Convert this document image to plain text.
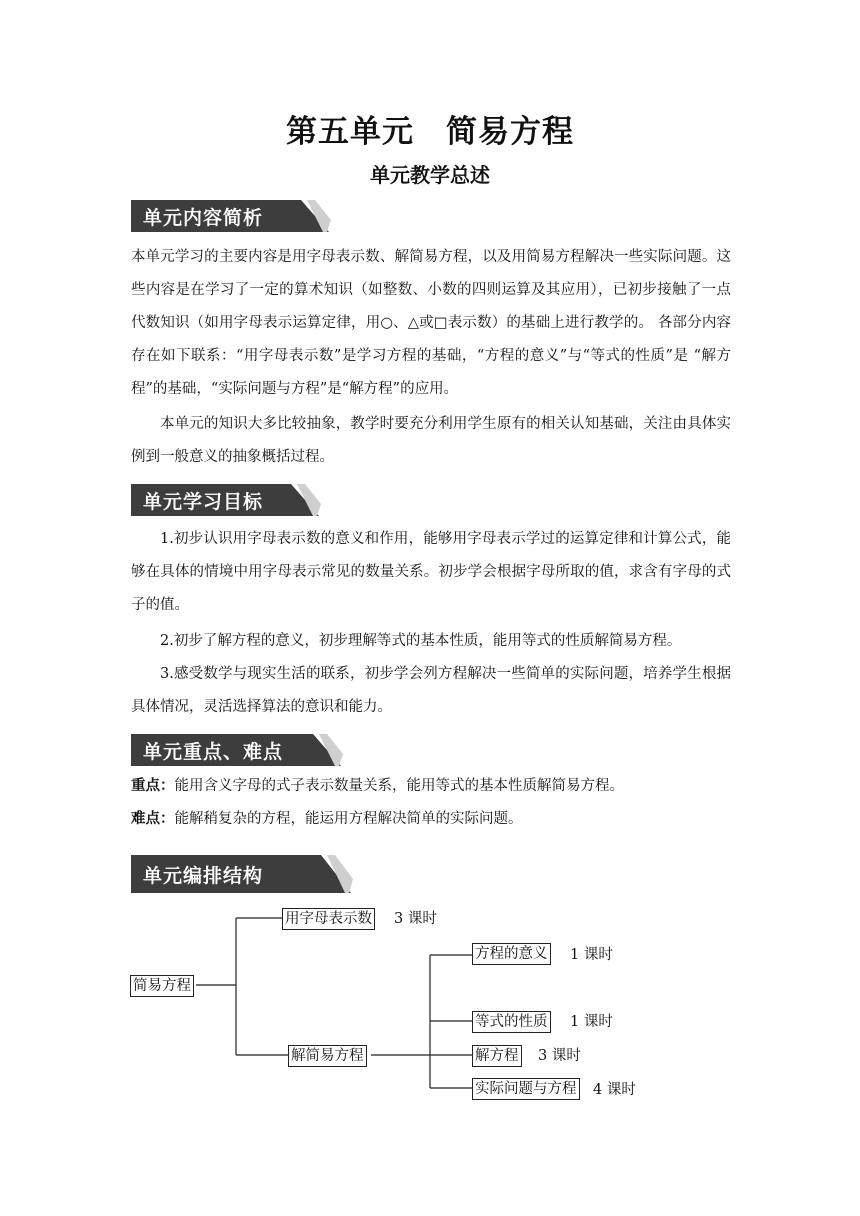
第五单元　简易方程
单元教学总述
单元内容简析

本单元学习的主要内容是用字母表示数、解简易方程，以及用简易方程解决一些实际问题。这些内容是在学习了一定的算术知识（如整数、小数的四则运算及其应用），已初步接触了一点代数知识（如用字母表示运算定律，用○、△或□表示数）的基础上进行教学的。 各部分内容存在如下联系：“用字母表示数”是学习方程的基础，“方程的意义”与“等式的性质”是 “解方程”的基础，“实际问题与方程”是“解方程”的应用。

本单元的知识大多比较抽象，教学时要充分利用学生原有的相关认知基础，关注由具体实例到一般意义的抽象概括过程。

单元学习目标

1.初步认识用字母表示数的意义和作用，能够用字母表示学过的运算定律和计算公式，能够在具体的情境中用字母表示常见的数量关系。初步学会根据字母所取的值，求含有字母的式子的值。

2.初步了解方程的意义，初步理解等式的基本性质，能用等式的性质解简易方程。

3.感受数学与现实生活的联系，初步学会列方程解决一些简单的实际问题，培养学生根据具体情况，灵活选择算法的意识和能力。

单元重点、难点

重点：能用含义字母的式子表示数量关系，能用等式的基本性质解简易方程。

难点：能解稍复杂的方程，能运用方程解决简单的实际问题。

单元编排结构
简易方程
用字母表示数 3 课时
解简易方程
方程的意义 1 课时
等式的性质 1 课时
解方程 3 课时
实际问题与方程 4 课时
